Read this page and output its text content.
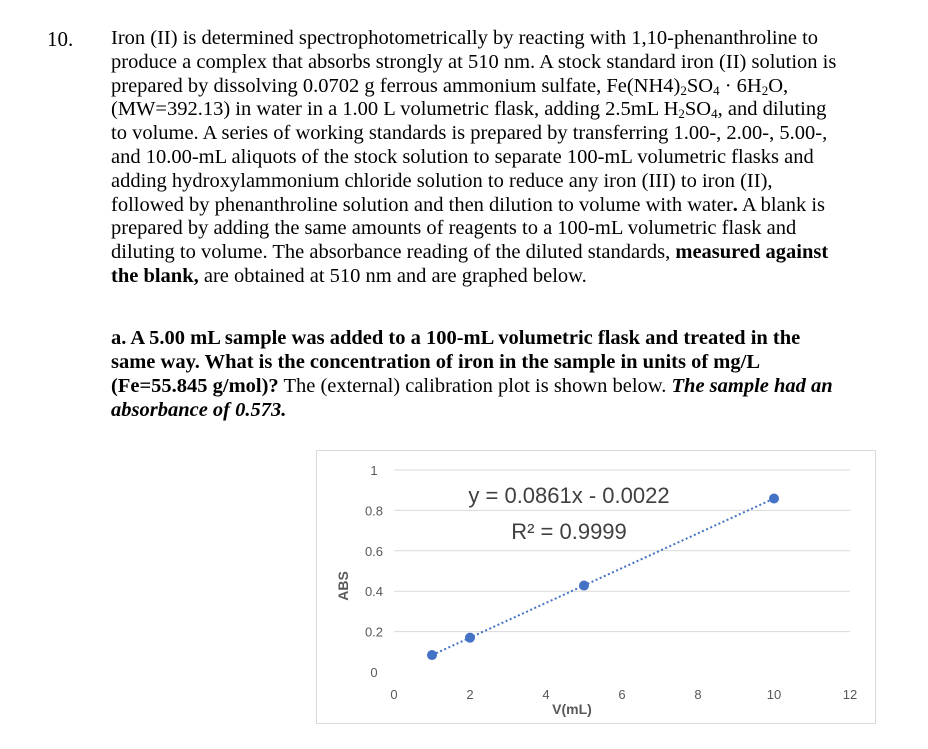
10. Iron (II) is determined spectrophotometrically by reacting with 1,10-phenanthroline to
produce a complex that absorbs strongly at 510 nm. A stock standard iron (II) solution is
prepared by dissolving 0.0702 g ferrous ammonium sulfate, $Fe(NH4)_2SO_4 \cdot 6H_2O$,
(MW=392.13) in water in a 1.00 L volumetric flask, adding 2.5mL $H_2SO_4$, and diluting
to volume. A series of working standards is prepared by transferring 1.00-, 2.00-, 5.00-,
and 10.00-mL aliquots of the stock solution to separate 100-mL volumetric flasks and
adding hydroxylammonium chloride solution to reduce any iron (III) to iron (II),
followed by phenanthroline solution and then dilution to volume with water. A blank is
prepared by adding the same amounts of reagents to a 100-mL volumetric flask and
diluting to volume. The absorbance reading of the diluted standards, measured against
the blank, are obtained at 510 nm and are graphed below.
a. A 5.00 mL sample was added to a 100-mL volumetric flask and treated in the
same way. What is the concentration of iron in the sample in units of mg/L
(Fe=55.845 g/mol)? The (external) calibration plot is shown below. The sample had an
absorbance of 0.573.
0
0.2
0.4
0.6
0.8
1
0	2	4	6	8	10	12
V(mL)
ABS
y = 0.0861x - 0.0022
R² = 0.9999
